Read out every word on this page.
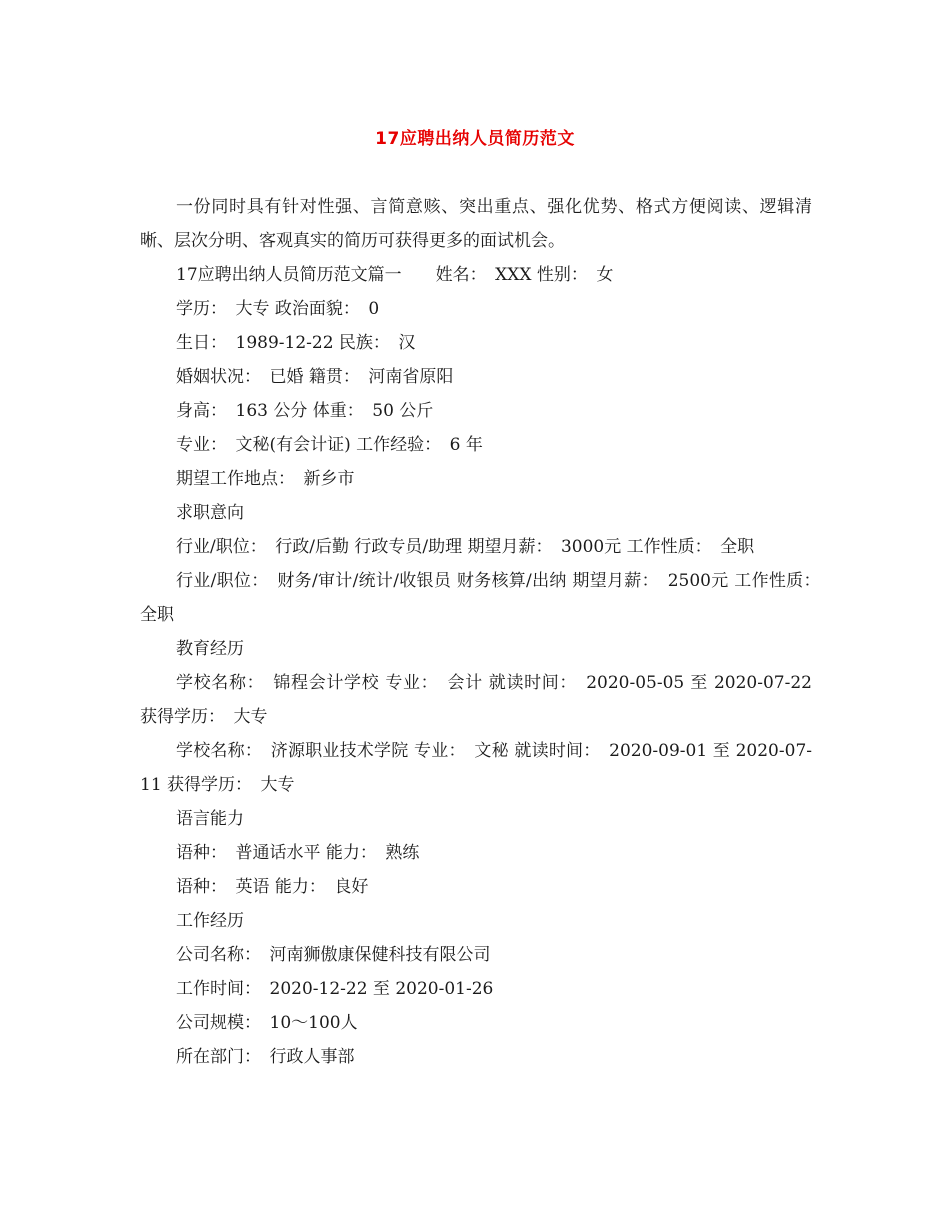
17应聘出纳人员简历范文

一份同时具有针对性强、言简意赅、突出重点、强化优势、格式方便阅读、逻辑清晰、层次分明、客观真实的简历可获得更多的面试机会。

17应聘出纳人员简历范文篇一　　姓名：　XXX 性别：　女

学历：　大专 政治面貌：　0

生日：　1989-12-22 民族：　汉

婚姻状况：　已婚 籍贯：　河南省原阳

身高：　163 公分 体重：　50 公斤

专业：　文秘(有会计证) 工作经验：　6 年

期望工作地点：　新乡市

求职意向

行业/职位：　行政/后勤 行政专员/助理 期望月薪：　3000元 工作性质：　全职

行业/职位：　财务/审计/统计/收银员 财务核算/出纳 期望月薪：　2500元 工作性质：　全职

教育经历

学校名称：　锦程会计学校 专业：　会计 就读时间：　2020-05-05 至 2020-07-22 获得学历：　大专

学校名称：　济源职业技术学院 专业：　文秘 就读时间：　2020-09-01 至 2020-07-11 获得学历：　大专

语言能力

语种：　普通话水平 能力：　熟练

语种：　英语 能力：　良好

工作经历

公司名称：　河南狮傲康保健科技有限公司

工作时间：　2020-12-22 至 2020-01-26

公司规模：　10～100人

所在部门：　行政人事部
